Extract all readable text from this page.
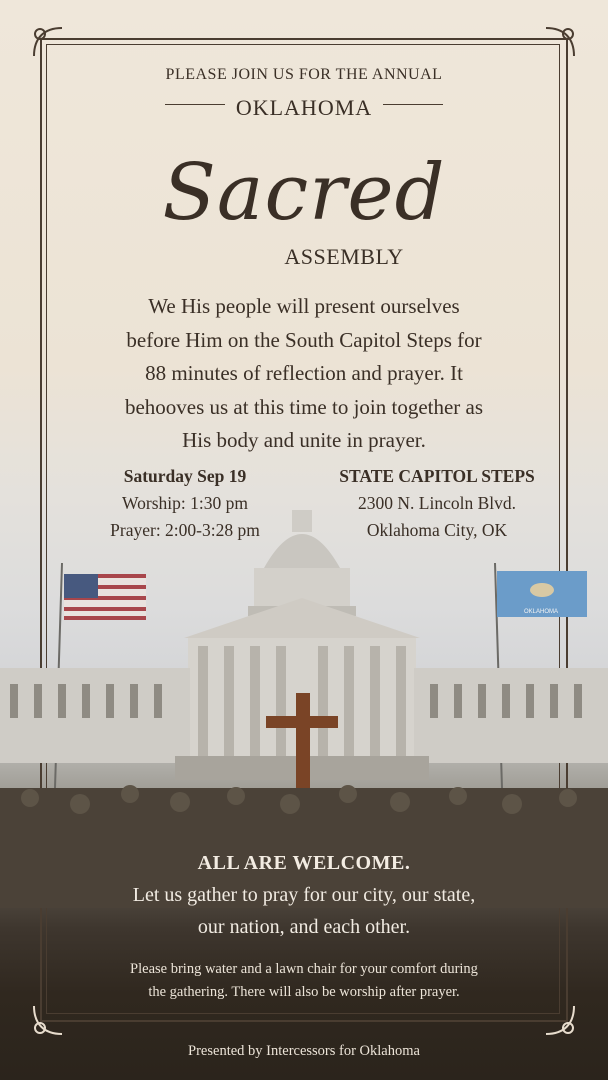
PLEASE JOIN US FOR THE ANNUAL
OKLAHOMA
Sacred
ASSEMBLY
We His people will present ourselves
before Him on the South Capitol Steps for
88 minutes of reflection and prayer. It
behooves us at this time to join together as
His body and unite in prayer.
Saturday Sep 19
Worship: 1:30 pm
Prayer: 2:00-3:28 pm
STATE CAPITOL STEPS
2300 N. Lincoln Blvd.
Oklahoma City, OK
OKLAHOMA
ALL ARE WELCOME.
Let us gather to pray for our city, our state,
our nation, and each other.
Please bring water and a lawn chair for your comfort during
the gathering. There will also be worship after prayer.
Presented by Intercessors for Oklahoma
